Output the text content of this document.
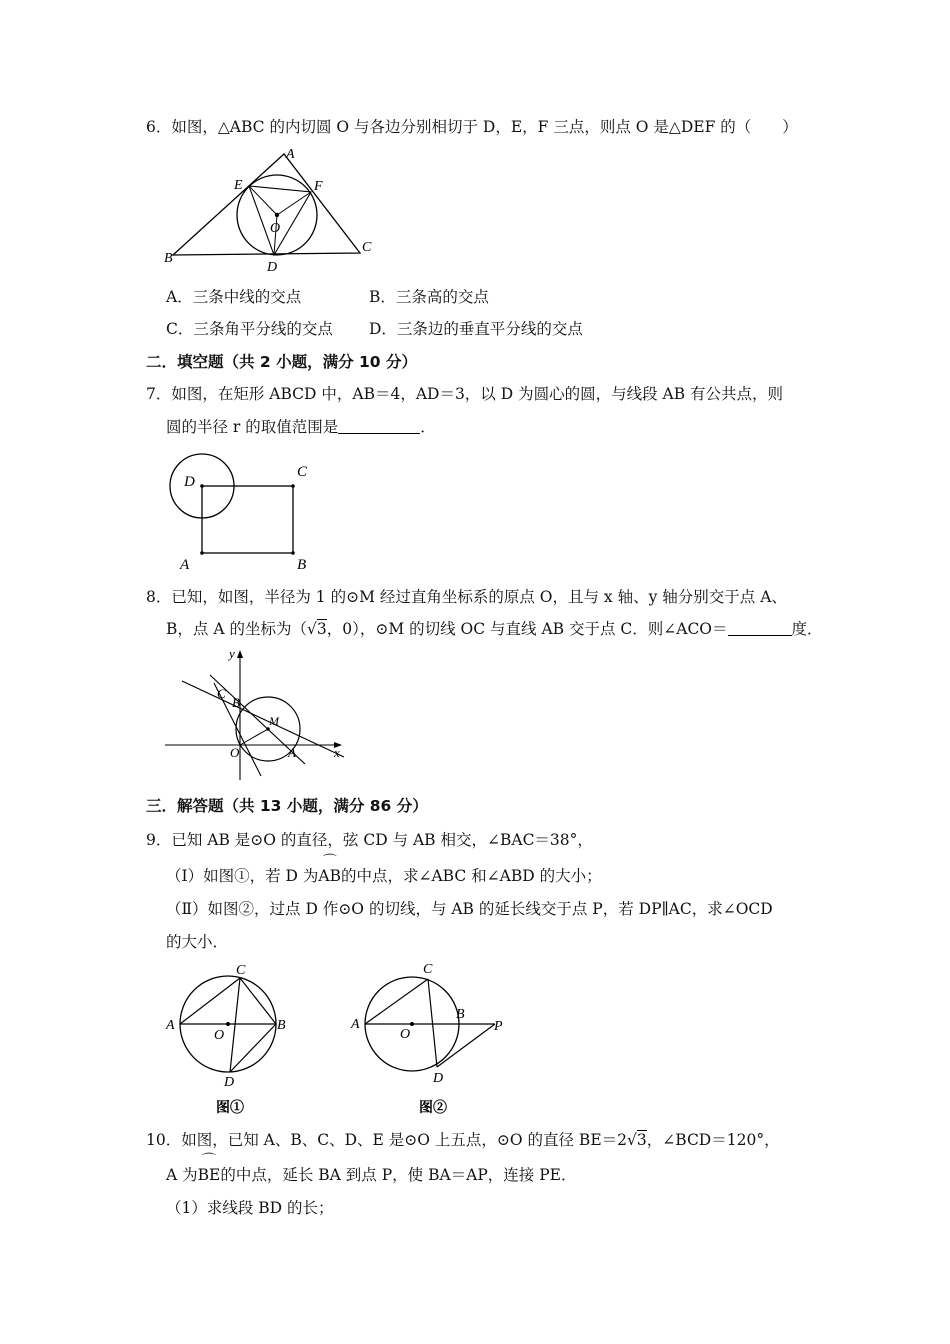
6．如图，△ABC 的内切圆 O 与各边分别相切于 D，E，F 三点，则点 O 是△DEF 的（　　）
A
B
C
D
E	F
O
A．三条中线的交点	B．三条高的交点
C．三条角平分线的交点 D．三条边的垂直平分线的交点
二．填空题（共 2 小题，满分 10 分）
7．如图，在矩形 ABCD 中，AB＝4，AD＝3，以 D 为圆心的圆，与线段 AB 有公共点，则
圆的半径 r 的取值范围是	．
D
C
A	B
8．已知，如图，半径为 1 的⊙M 经过直角坐标系的原点 O，且与 x 轴、y 轴分别交于点 A、
B，点 A 的坐标为（√3，0），⊙M 的切线 OC 与直线 AB 交于点 C．则∠ACO＝	度．
y
x
C
B
M
O	A
三．解答题（共 13 小题，满分 86 分）
9．已知 AB 是⊙O 的直径，弦 CD 与 AB 相交，∠BAC＝38°，
（I）如图①，若 D 为
⌒
AB的中点，求∠ABC 和∠ABD 的大小；
（Ⅱ）如图②，过点 D 作⊙O 的切线，与 AB 的延长线交于点 P，若 DP∥AC，求∠OCD
的大小．
A	B
C
D
O
图①
A
B
C
D
O
P
图②
10．如图，已知 A、B、C、D、E 是⊙O 上五点，⊙O 的直径 BE＝2√3，∠BCD＝120°，
A 为
⌒
BE的中点，延长 BA 到点 P，使 BA＝AP，连接 PE．
（1）求线段 BD 的长；
